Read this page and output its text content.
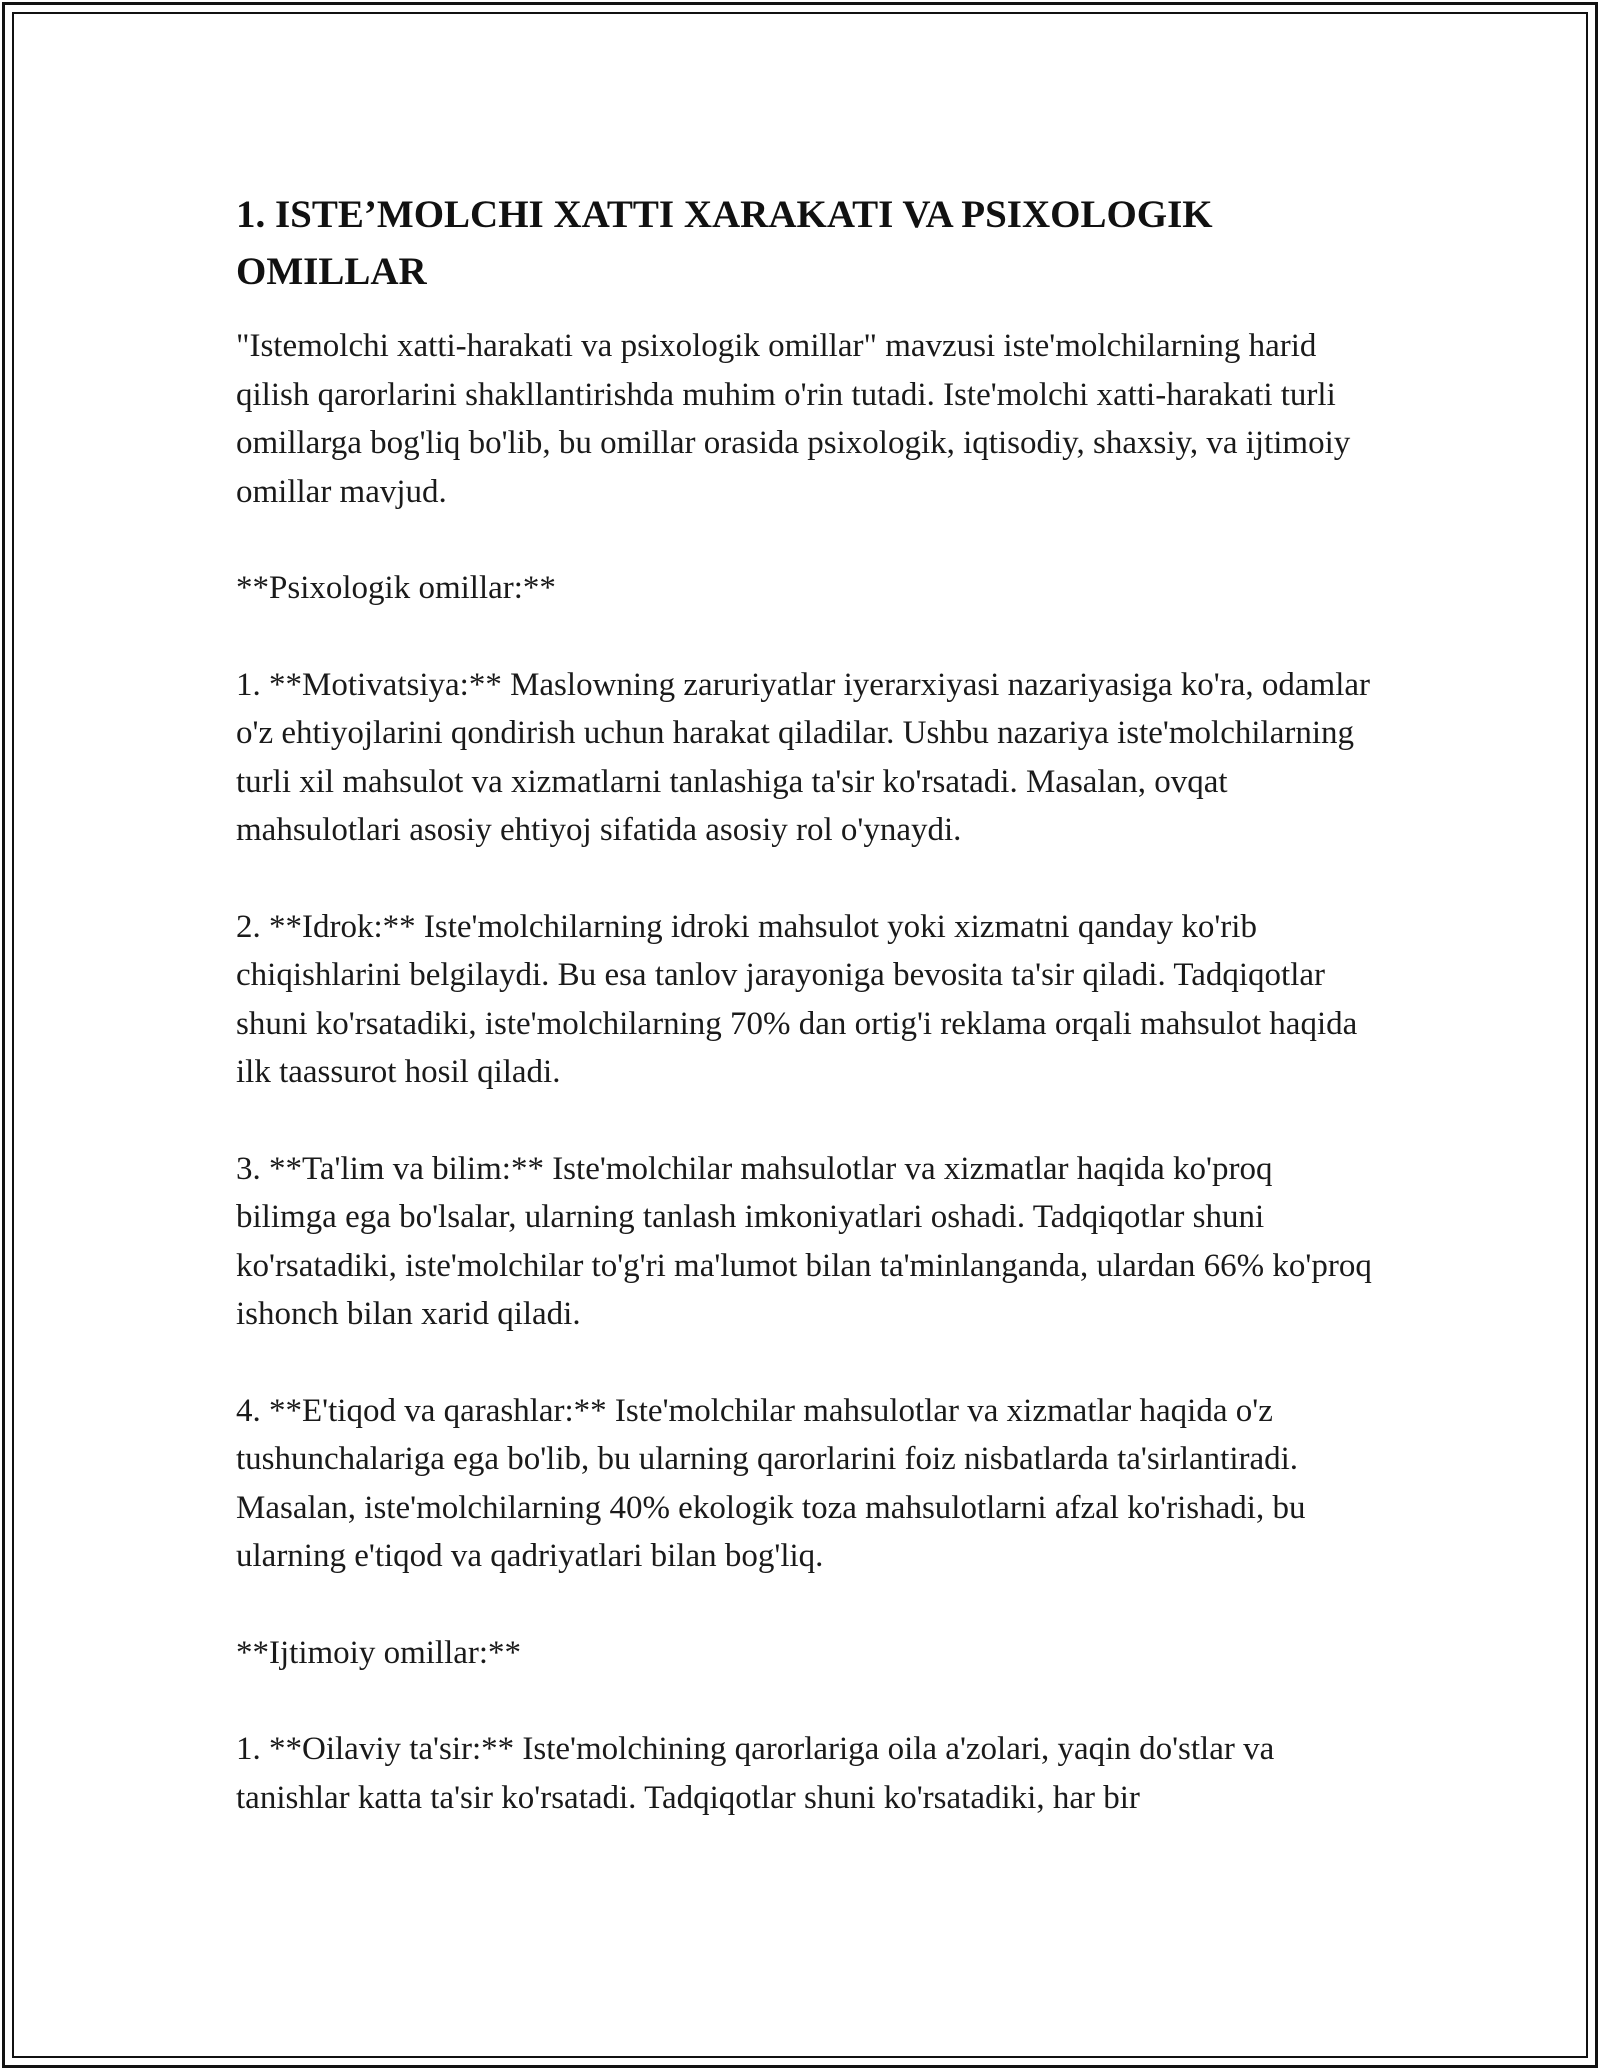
1. ISTE’MOLCHI XATTI XARAKATI VA PSIXOLOGIK OMILLAR

"Istemolchi xatti-harakati va psixologik omillar" mavzusi iste'molchilarning harid qilish qarorlarini shakllantirishda muhim o'rin tutadi. Iste'molchi xatti-harakati turli omillarga bog'liq bo'lib, bu omillar orasida psixologik, iqtisodiy, shaxsiy, va ijtimoiy omillar mavjud.

**Psixologik omillar:**

1. **Motivatsiya:** Maslowning zaruriyatlar iyerarxiyasi nazariyasiga ko'ra, odamlar o'z ehtiyojlarini qondirish uchun harakat qiladilar. Ushbu nazariya iste'molchilarning turli xil mahsulot va xizmatlarni tanlashiga ta'sir ko'rsatadi. Masalan, ovqat mahsulotlari asosiy ehtiyoj sifatida asosiy rol o'ynaydi.

2. **Idrok:** Iste'molchilarning idroki mahsulot yoki xizmatni qanday ko'rib chiqishlarini belgilaydi. Bu esa tanlov jarayoniga bevosita ta'sir qiladi. Tadqiqotlar shuni ko'rsatadiki, iste'molchilarning 70% dan ortig'i reklama orqali mahsulot haqida ilk taassurot hosil qiladi.

3. **Ta'lim va bilim:** Iste'molchilar mahsulotlar va xizmatlar haqida ko'proq bilimga ega bo'lsalar, ularning tanlash imkoniyatlari oshadi. Tadqiqotlar shuni ko'rsatadiki, iste'molchilar to'g'ri ma'lumot bilan ta'minlanganda, ulardan 66% ko'proq ishonch bilan xarid qiladi.

4. **E'tiqod va qarashlar:** Iste'molchilar mahsulotlar va xizmatlar haqida o'z tushunchalariga ega bo'lib, bu ularning qarorlarini foiz nisbatlarda ta'sirlantiradi. Masalan, iste'molchilarning 40% ekologik toza mahsulotlarni afzal ko'rishadi, bu ularning e'tiqod va qadriyatlari bilan bog'liq.

**Ijtimoiy omillar:**

1. **Oilaviy ta'sir:** Iste'molchining qarorlariga oila a'zolari, yaqin do'stlar va tanishlar katta ta'sir ko'rsatadi. Tadqiqotlar shuni ko'rsatadiki, har bir
